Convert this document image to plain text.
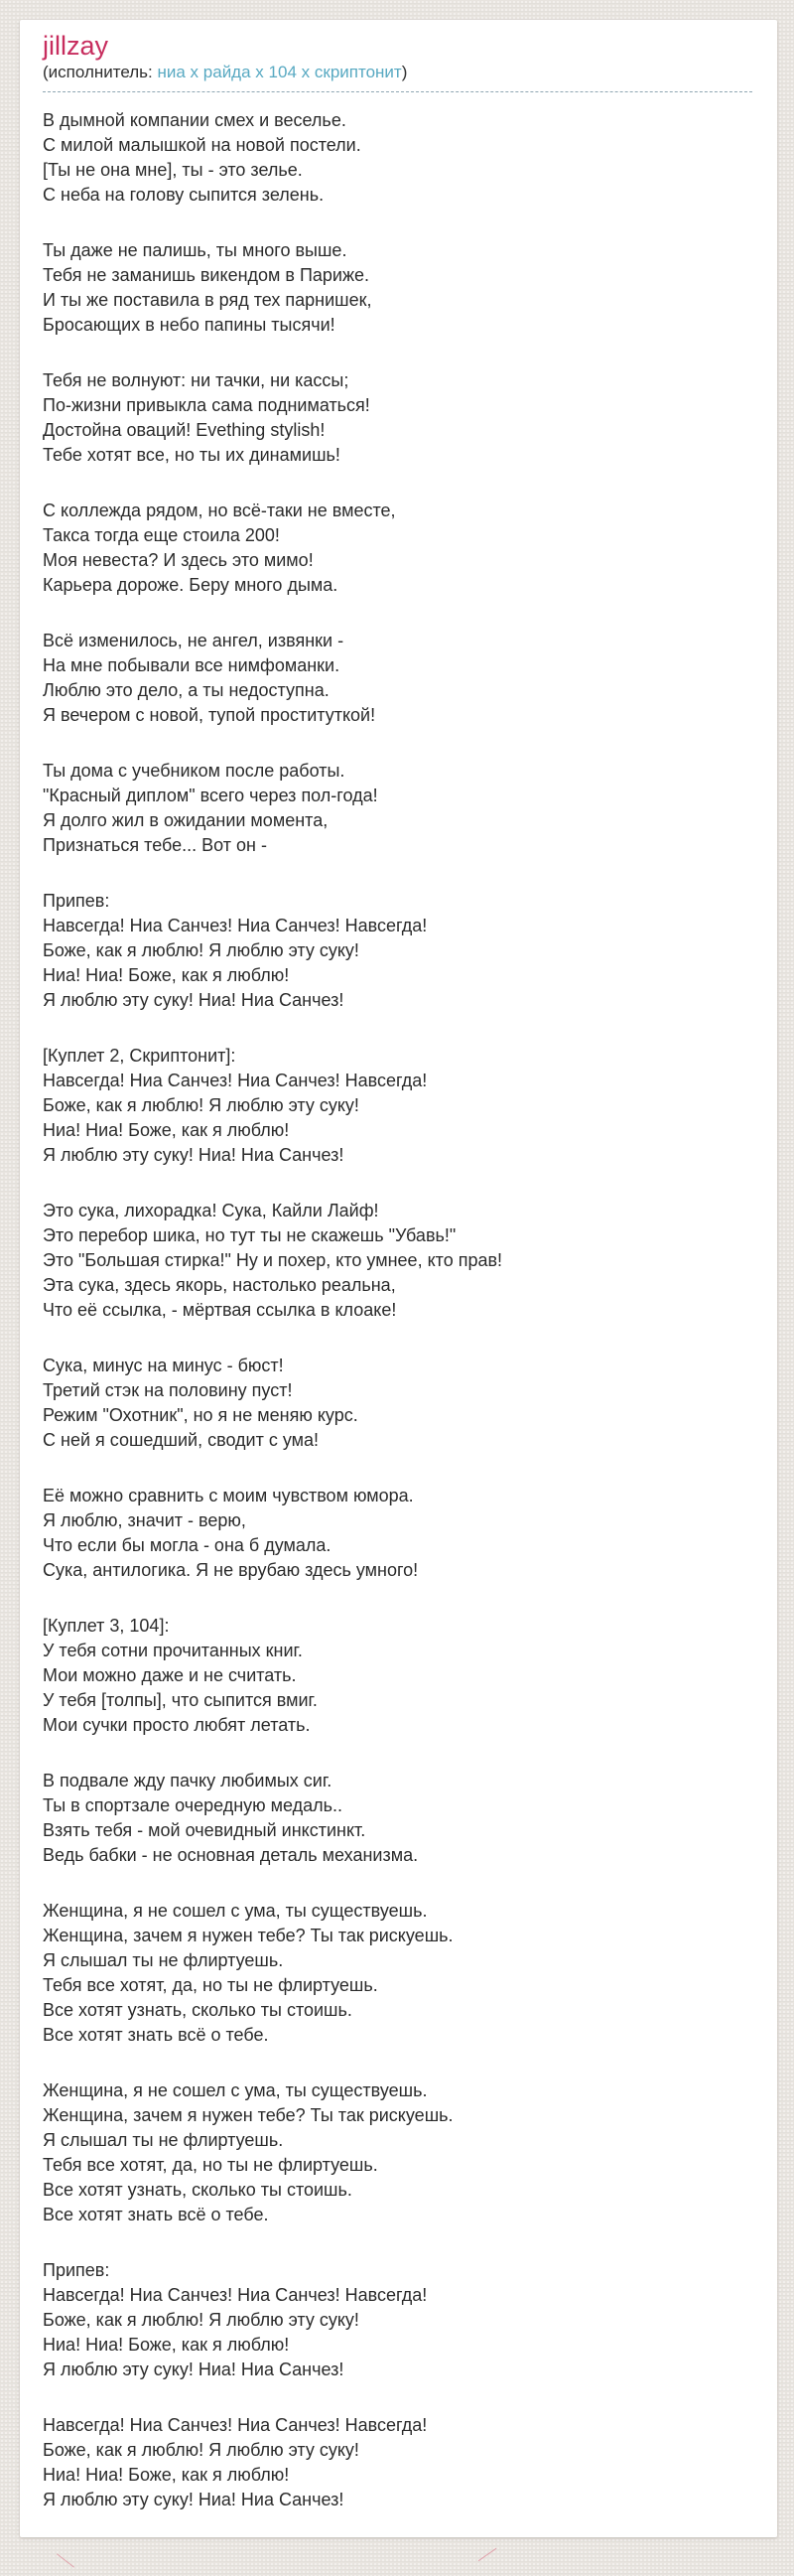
jillzay
(исполнитель: ниа х райда х 104 х скриптонит)

В дымной компании смех и веселье.
С милой малышкой на новой постели.
[Ты не она мне], ты - это зелье.
С неба на голову сыпится зелень.

Ты даже не палишь, ты много выше.
Тебя не заманишь викендом в Париже.
И ты же поставила в ряд тех парнишек,
Бросающих в небо папины тысячи!

Тебя не волнуют: ни тачки, ни кассы;
По-жизни привыкла сама подниматься!
Достойна оваций! Evething stylish!
Тебе хотят все, но ты их динамишь!

С коллежда рядом, но всё-таки не вместе,
Такса тогда еще стоила 200!
Моя невеста? И здесь это мимо!
Карьера дороже. Беру много дыма.

Всё изменилось, не ангел, извянки -
На мне побывали все нимфоманки.
Люблю это дело, а ты недоступна.
Я вечером с новой, тупой проституткой!

Ты дома с учебником после работы.
"Красный диплом" всего через пол-года!
Я долго жил в ожидании момента,
Признаться тебе... Вот он -

Припев:
Навсегда! Ниа Санчез! Ниа Санчез! Навсегда!
Боже, как я люблю! Я люблю эту суку!
Ниа! Ниа! Боже, как я люблю!
Я люблю эту суку! Ниа! Ниа Санчез!

[Куплет 2, Скриптонит]:
Навсегда! Ниа Санчез! Ниа Санчез! Навсегда!
Боже, как я люблю! Я люблю эту суку!
Ниа! Ниа! Боже, как я люблю!
Я люблю эту суку! Ниа! Ниа Санчез!

Это сука, лихорадка! Сука, Кайли Лайф!
Это перебор шика, но тут ты не скажешь "Убавь!"
Это "Большая стирка!" Ну и похер, кто умнее, кто прав!
Эта сука, здесь якорь, настолько реальна,
Что её ссылка, - мёртвая ссылка в клоаке!

Сука, минус на минус - бюст!
Третий стэк на половину пуст!
Режим "Охотник", но я не меняю курс.
С ней я сошедший, сводит с ума!

Её можно сравнить с моим чувством юмора.
Я люблю, значит - верю,
Что если бы могла - она б думала.
Сука, антилогика. Я не врубаю здесь умного!

[Куплет 3, 104]:
У тебя сотни прочитанных книг.
Мои можно даже и не считать.
У тебя [толпы], что сыпится вмиг.
Мои сучки просто любят летать.

В подвале жду пачку любимых сиг.
Ты в спортзале очередную медаль..
Взять тебя - мой очевидный инкстинкт.
Ведь бабки - не основная деталь механизма.

Женщина, я не сошел с ума, ты существуешь.
Женщина, зачем я нужен тебе? Ты так рискуешь.
Я слышал ты не флиртуешь.
Тебя все хотят, да, но ты не флиртуешь.
Все хотят узнать, сколько ты стоишь.
Все хотят знать всё о тебе.

Женщина, я не сошел с ума, ты существуешь.
Женщина, зачем я нужен тебе? Ты так рискуешь.
Я слышал ты не флиртуешь.
Тебя все хотят, да, но ты не флиртуешь.
Все хотят узнать, сколько ты стоишь.
Все хотят знать всё о тебе.

Припев:
Навсегда! Ниа Санчез! Ниа Санчез! Навсегда!
Боже, как я люблю! Я люблю эту суку!
Ниа! Ниа! Боже, как я люблю!
Я люблю эту суку! Ниа! Ниа Санчез!

Навсегда! Ниа Санчез! Ниа Санчез! Навсегда!
Боже, как я люблю! Я люблю эту суку!
Ниа! Ниа! Боже, как я люблю!
Я люблю эту суку! Ниа! Ниа Санчез!
